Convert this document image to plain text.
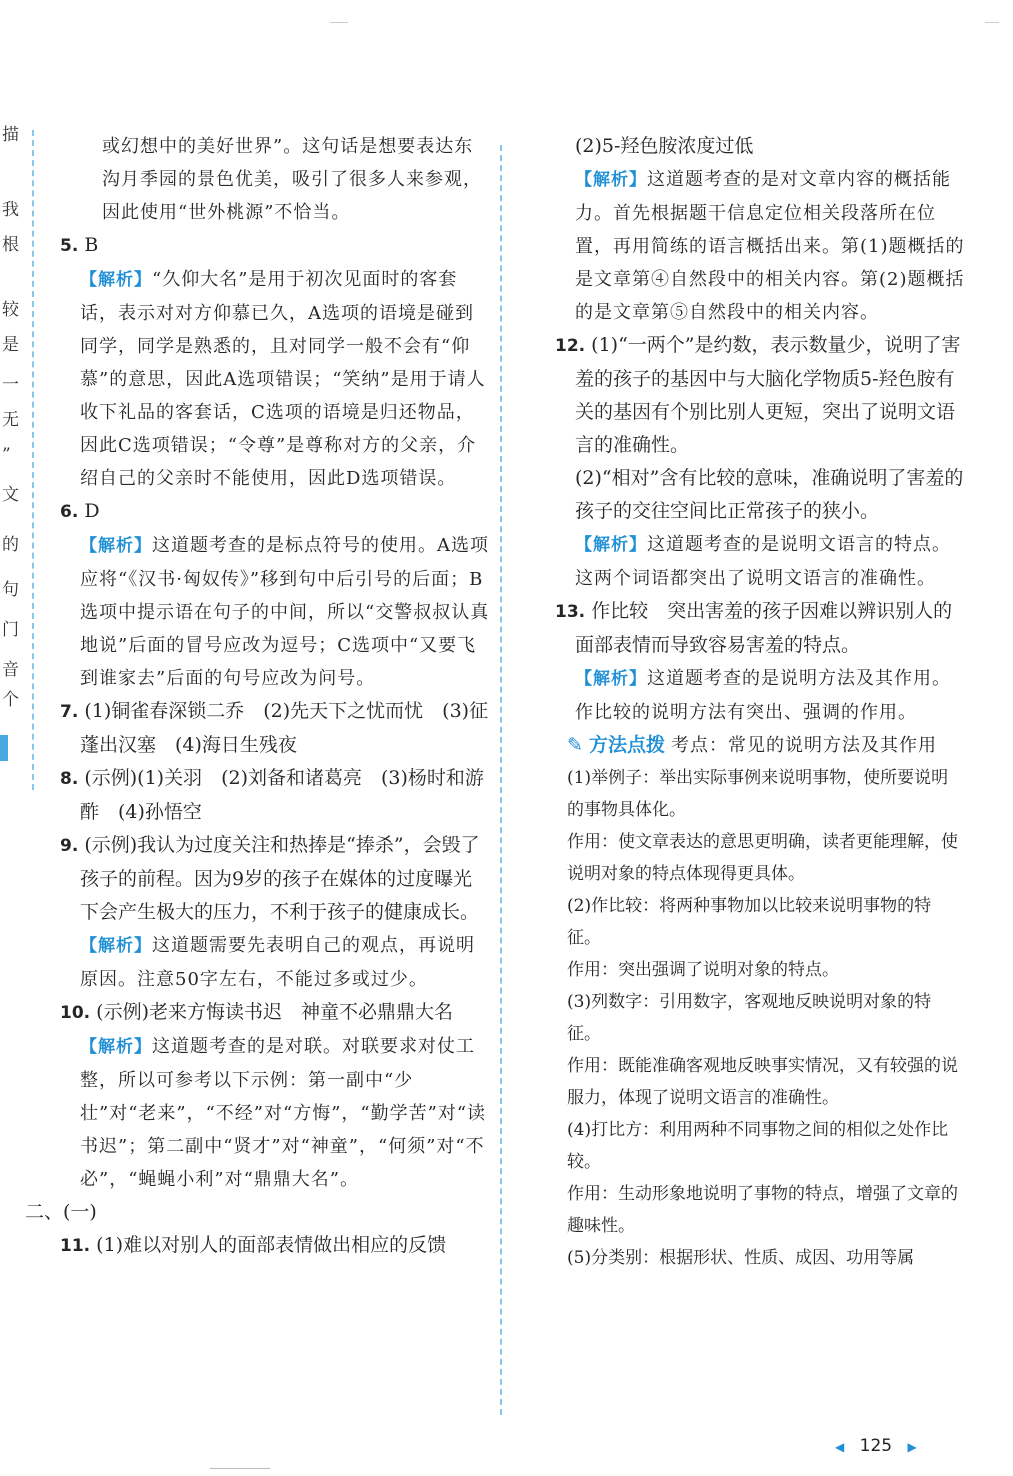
描
我
根
较
是
一
无
”
文
的
句
门
音
个

或幻想中的美好世界”。这句话是想要表达东沟月季园的景色优美，吸引了很多人来参观，因此使用“世外桃源”不恰当。

5. B

【解析】“久仰大名”是用于初次见面时的客套话，表示对对方仰慕已久，A选项的语境是碰到同学，同学是熟悉的，且对同学一般不会有“仰慕”的意思，因此A选项错误；“笑纳”是用于请人收下礼品的客套话，C选项的语境是归还物品，因此C选项错误；“令尊”是尊称对方的父亲，介绍自己的父亲时不能使用，因此D选项错误。

6. D

【解析】这道题考查的是标点符号的使用。A选项应将“《汉书·匈奴传》”移到句中后引号的后面；B选项中提示语在句子的中间，所以“交警叔叔认真地说”后面的冒号应改为逗号；C选项中“又要飞到谁家去”后面的句号应改为问号。

7. (1)铜雀春深锁二乔　(2)先天下之忧而忧　(3)征蓬出汉塞　(4)海日生残夜

8. (示例)(1)关羽　(2)刘备和诸葛亮　(3)杨时和游酢　(4)孙悟空

9. (示例)我认为过度关注和热捧是“捧杀”，会毁了孩子的前程。因为9岁的孩子在媒体的过度曝光下会产生极大的压力，不利于孩子的健康成长。

【解析】这道题需要先表明自己的观点，再说明原因。注意50字左右，不能过多或过少。

10. (示例)老来方悔读书迟　神童不必鼎鼎大名

【解析】这道题考查的是对联。对联要求对仗工整，所以可参考以下示例：第一副中“少壮”对“老来”，“不经”对“方悔”，“勤学苦”对“读书迟”；第二副中“贤才”对“神童”，“何须”对“不必”，“蝇蝇小利”对“鼎鼎大名”。

二、(一)

11. (1)难以对别人的面部表情做出相应的反馈

(2)5-羟色胺浓度过低

【解析】这道题考查的是对文章内容的概括能力。首先根据题干信息定位相关段落所在位置，再用简练的语言概括出来。第(1)题概括的是文章第④自然段中的相关内容。第(2)题概括的是文章第⑤自然段中的相关内容。

12. (1)“一两个”是约数，表示数量少，说明了害羞的孩子的基因中与大脑化学物质5-羟色胺有关的基因有个别比别人更短，突出了说明文语言的准确性。

(2)“相对”含有比较的意味，准确说明了害羞的孩子的交往空间比正常孩子的狭小。

【解析】这道题考查的是说明文语言的特点。这两个词语都突出了说明文语言的准确性。

13. 作比较　突出害羞的孩子因难以辨识别人的面部表情而导致容易害羞的特点。

【解析】这道题考查的是说明方法及其作用。作比较的说明方法有突出、强调的作用。

✎ 方法点拨 考点：常见的说明方法及其作用

(1)举例子：举出实际事例来说明事物，使所要说明的事物具体化。

作用：使文章表达的意思更明确，读者更能理解，使说明对象的特点体现得更具体。

(2)作比较：将两种事物加以比较来说明事物的特征。

作用：突出强调了说明对象的特点。

(3)列数字：引用数字，客观地反映说明对象的特征。

作用：既能准确客观地反映事实情况，又有较强的说服力，体现了说明文语言的准确性。

(4)打比方：利用两种不同事物之间的相似之处作比较。

作用：生动形象地说明了事物的特点，增强了文章的趣味性。

(5)分类别：根据形状、性质、成因、功用等属

◀ 125 ▶
